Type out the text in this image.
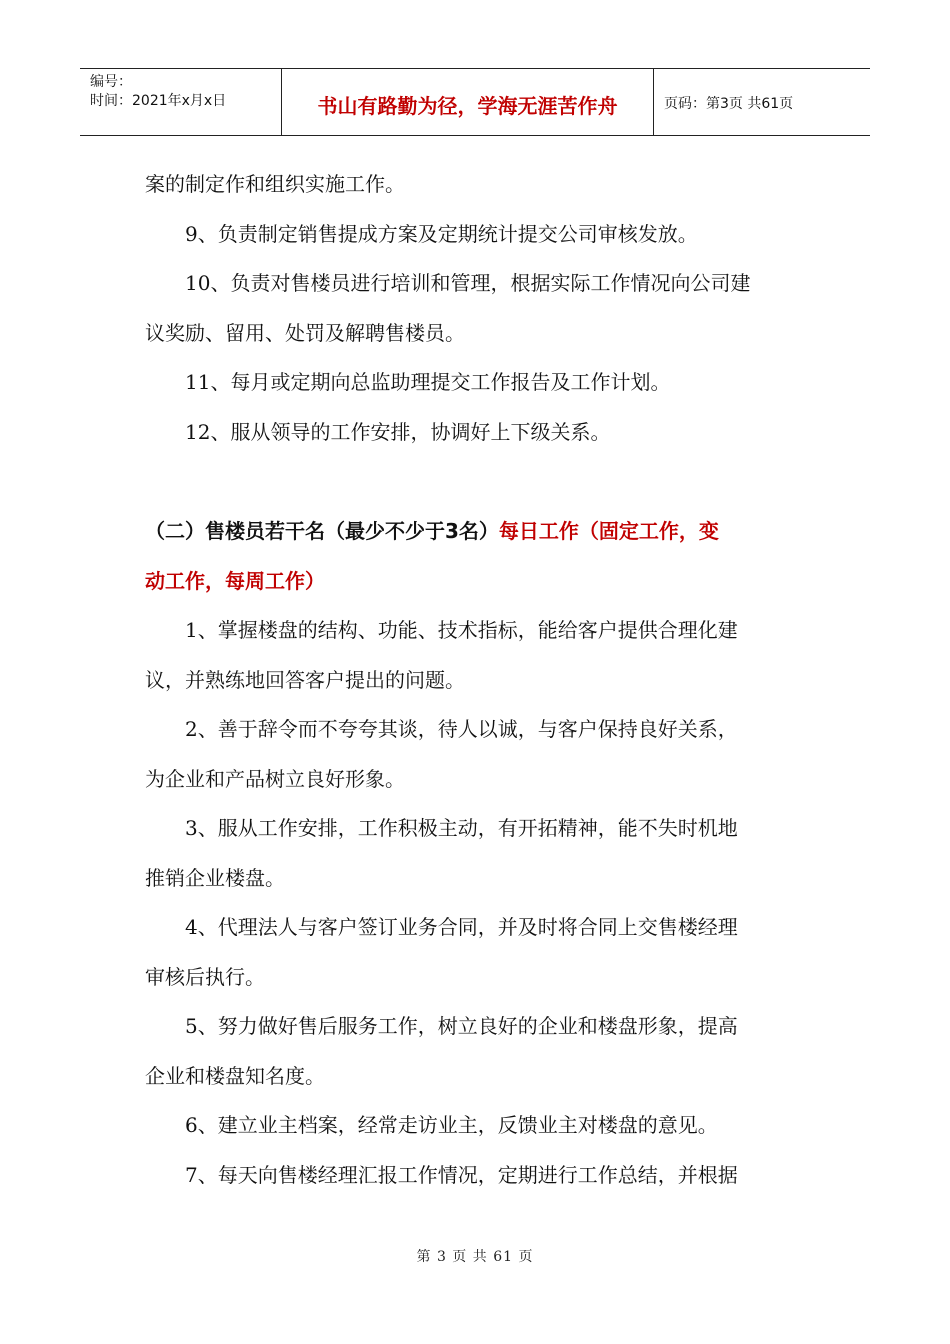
编号：
时间：2021年x月x日	书山有路勤为径，学海无涯苦作舟	页码：第3页 共61页

案的制定作和组织实施工作。

9、负责制定销售提成方案及定期统计提交公司审核发放。

10、负责对售楼员进行培训和管理，根据实际工作情况向公司建

议奖励、留用、处罚及解聘售楼员。

11、每月或定期向总监助理提交工作报告及工作计划。

12、服从领导的工作安排，协调好上下级关系。

（二）售楼员若干名（最少不少于3名）每日工作（固定工作，变

动工作，每周工作）

1、掌握楼盘的结构、功能、技术指标，能给客户提供合理化建

议，并熟练地回答客户提出的问题。

2、善于辞令而不夸夸其谈，待人以诚，与客户保持良好关系，

为企业和产品树立良好形象。

3、服从工作安排，工作积极主动，有开拓精神，能不失时机地

推销企业楼盘。

4、代理法人与客户签订业务合同，并及时将合同上交售楼经理

审核后执行。

5、努力做好售后服务工作，树立良好的企业和楼盘形象，提高

企业和楼盘知名度。

6、建立业主档案，经常走访业主，反馈业主对楼盘的意见。

7、每天向售楼经理汇报工作情况，定期进行工作总结，并根据

第 3 页 共 61 页
